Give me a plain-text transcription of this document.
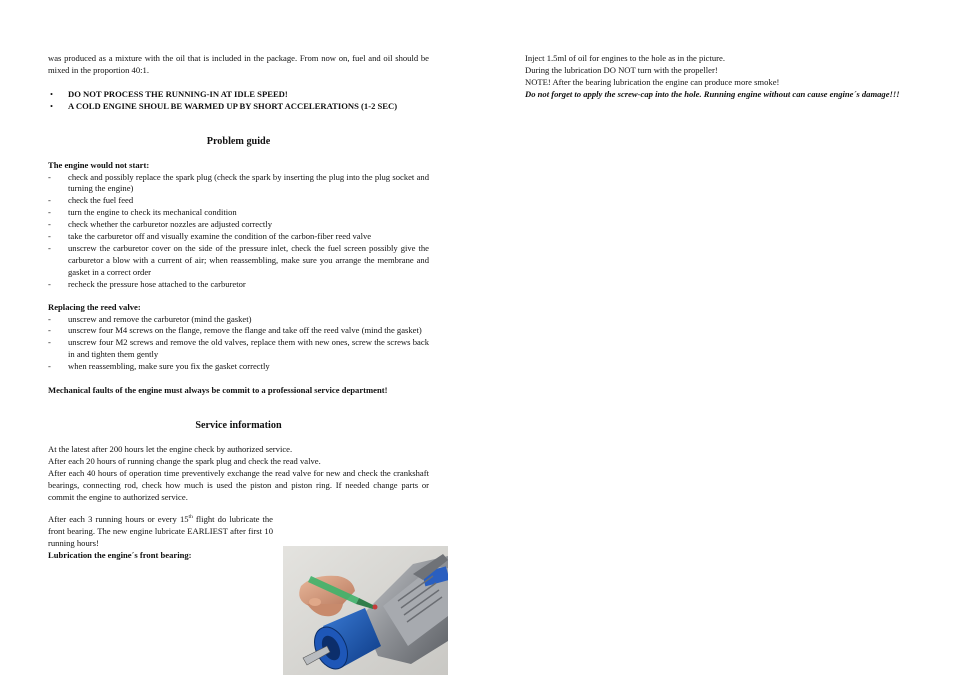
was produced as a mixture with the oil that is included in the package. From now on, fuel and oil should be mixed in the proportion 40:1.
• DO NOT PROCESS THE RUNNING-IN AT IDLE SPEED!
• A COLD ENGINE SHOUL BE WARMED UP BY SHORT ACCELERATIONS (1-2 SEC)
Problem guide
The engine would not start:
- check and possibly replace the spark plug (check the spark by inserting the plug into the plug socket and turning the engine)
- check the fuel feed
- turn the engine to check its mechanical condition
- check whether the carburetor nozzles are adjusted correctly
- take the carburetor off and visually examine the condition of the carbon-fiber reed valve
- unscrew the carburetor cover on the side of the pressure inlet, check the fuel screen possibly give the carburetor a blow with a current of air; when reassembling, make sure you arrange the membrane and gasket in a correct order
- recheck the pressure hose attached to the carburetor
Replacing the reed valve:
- unscrew and remove the carburetor (mind the gasket)
- unscrew four M4 screws on the flange, remove the flange and take off the reed valve (mind the gasket)
- unscrew four M2 screws and remove the old valves, replace them with new ones, screw the screws back in and tighten them gently
- when reassembling, make sure you fix the gasket correctly
Mechanical faults of the engine must always be commit to a professional service department!
Service information
At the latest after 200 hours let the engine check by authorized service.
After each 20 hours of running change the spark plug and check the read valve.
After each 40 hours of operation time preventively exchange the read valve for new and check the crankshaft bearings, connecting rod, check how much is used the piston and piston ring. If needed change parts or commit the engine to authorized service.
After each 3 running hours or every 15th flight do lubricate the front bearing. The new engine lubricate EARLIEST after first 10 running hours!
Lubrication the engine´s front bearing:
Inject 1.5ml of oil for engines to the hole as in the picture.
During the lubrication DO NOT turn with the propeller!
NOTE! After the bearing lubrication the engine can produce more smoke!
Do not forget to apply the screw-cap into the hole. Running engine without can cause engine´s damage!!!
